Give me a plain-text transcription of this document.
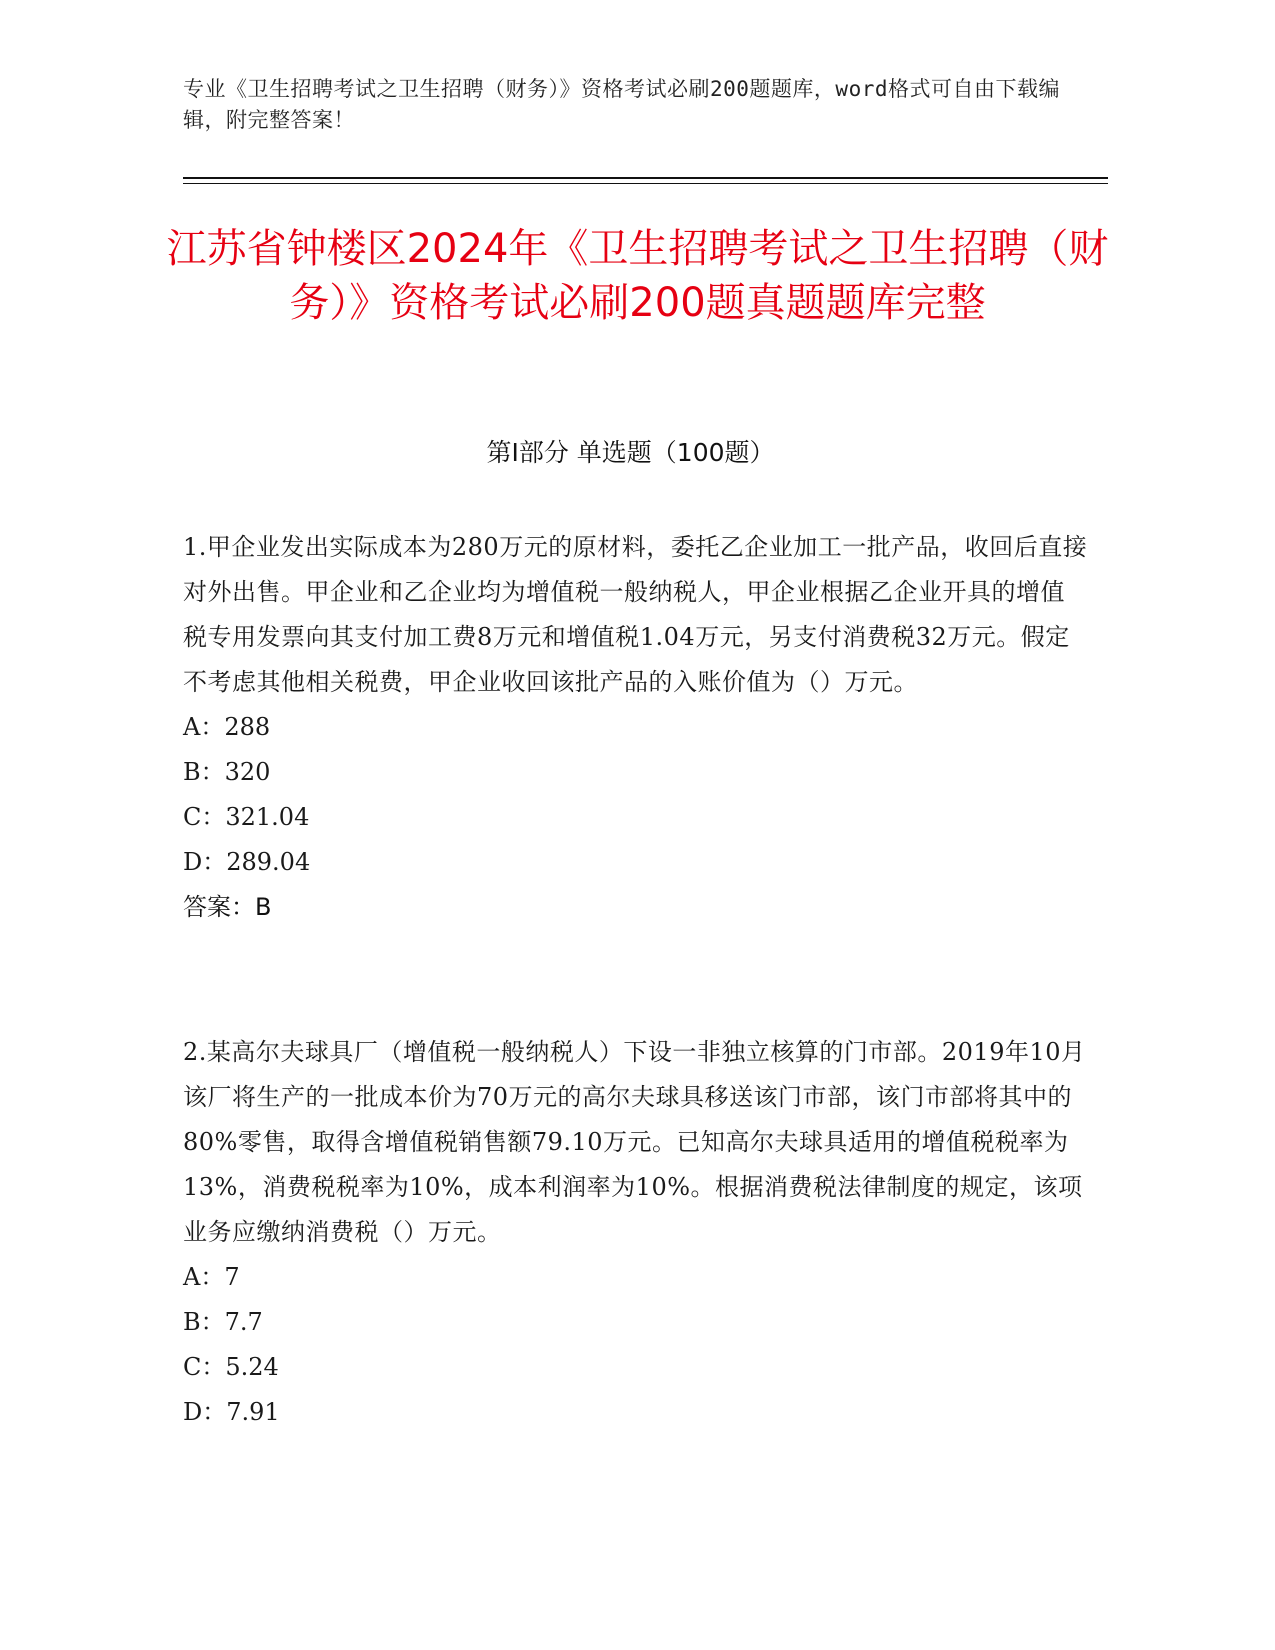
专业《卫生招聘考试之卫生招聘（财务）》资格考试必刷200题题库，word格式可自由下载编辑，附完整答案！
江苏省钟楼区2024年《卫生招聘考试之卫生招聘（财务）》资格考试必刷200题真题题库完整
第I部分 单选题（100题）

1.甲企业发出实际成本为280万元的原材料，委托乙企业加工一批产品，收回后直接对外出售。甲企业和乙企业均为增值税一般纳税人，甲企业根据乙企业开具的增值税专用发票向其支付加工费8万元和增值税1.04万元，另支付消费税32万元。假定不考虑其他相关税费，甲企业收回该批产品的入账价值为（）万元。

A：288
B：320
C：321.04
D：289.04

答案：B

2.某高尔夫球具厂（增值税一般纳税人）下设一非独立核算的门市部。2019年10月该厂将生产的一批成本价为70万元的高尔夫球具移送该门市部，该门市部将其中的80%零售，取得含增值税销售额79.10万元。已知高尔夫球具适用的增值税税率为13%，消费税税率为10%，成本利润率为10%。根据消费税法律制度的规定，该项业务应缴纳消费税（）万元。

A：7
B：7.7
C：5.24
D：7.91
